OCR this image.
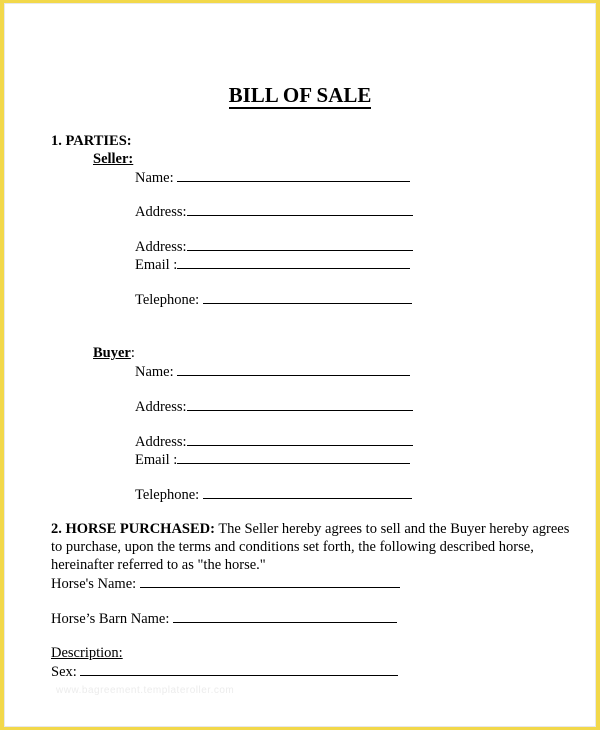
BILL OF SALE
1. PARTIES:
Seller:
Name:
Address:
Address:
Email :
Telephone:
Buyer:
Name:
Address:
Address:
Email :
Telephone:
2. HORSE PURCHASED: The Seller hereby agrees to sell and the Buyer hereby agrees to purchase, upon the terms and conditions set forth, the following described horse, hereinafter referred to as "the horse."
Horse's Name:
Horse’s Barn Name:
Description:
Sex:
www.bagreement.templateroller.com
